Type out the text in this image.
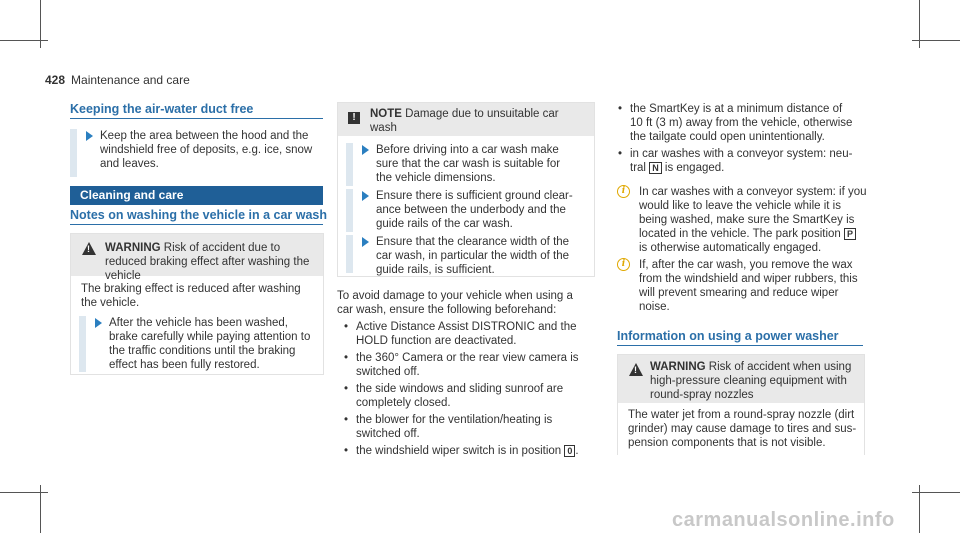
428 Maintenance and care
Keeping the air-water duct free
Keep the area between the hood and the
windshield free of deposits, e.g. ice, snow
and leaves.
Cleaning and care
Notes on washing the vehicle in a car wash
!
WARNING Risk of accident due to
reduced braking effect after washing the
vehicle
The braking effect is reduced after washing
the vehicle.
After the vehicle has been washed,
brake carefully while paying attention to
the traffic conditions until the braking
effect has been fully restored.
!	NOTE Damage due to unsuitable car
wash
Before driving into a car wash make
sure that the car wash is suitable for
the vehicle dimensions.
Ensure there is sufficient ground clear-
ance between the underbody and the
guide rails of the car wash.
Ensure that the clearance width of the
car wash, in particular the width of the
guide rails, is sufficient.
To avoid damage to your vehicle when using a
car wash, ensure the following beforehand:
• Active Distance Assist DISTRONIC and the
HOLD function are deactivated.
• the 360° Camera or the rear view camera is
switched off.
• the side windows and sliding sunroof are
completely closed.
• the blower for the ventilation/heating is
switched off.
• the windshield wiper switch is in position 0 .
• the SmartKey is at a minimum distance of
10 ft (3 m) away from the vehicle, otherwise
the tailgate could open unintentionally.
• in car washes with a conveyor system: neu-
tral N is engaged.
i	In car washes with a conveyor system: if you
would like to leave the vehicle while it is
being washed, make sure the SmartKey is
located in the vehicle. The park position P
is otherwise automatically engaged.
i	If, after the car wash, you remove the wax
from the windshield and wiper rubbers, this
will prevent smearing and reduce wiper
noise.
Information on using a power washer
!
WARNING Risk of accident when using
high-pressure cleaning equipment with
round-spray nozzles
The water jet from a round-spray nozzle (dirt
grinder) may cause damage to tires and sus-
pension components that is not visible.
carmanualsonline.info
